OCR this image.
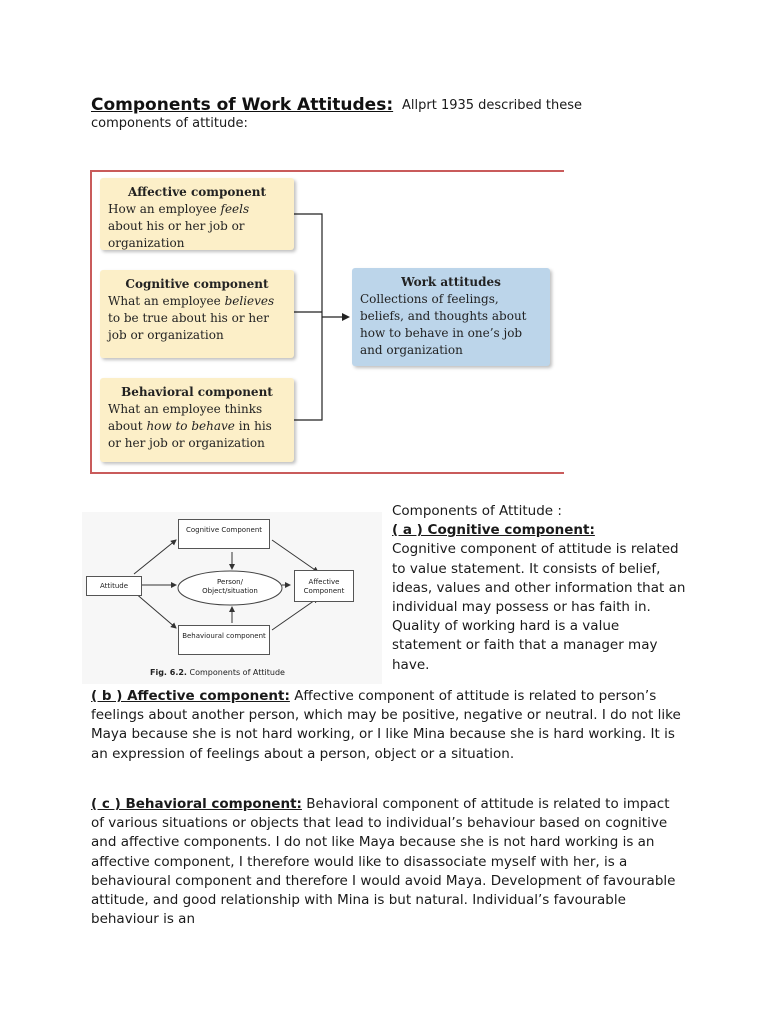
Components of Work Attitudes: Allprt 1935 described these
components of attitude:
Affective component
How an employee feels about his or her job or organization
Cognitive component
What an employee believes to be true about his or her job or organization
Behavioral component
What an employee thinks about how to behave in his or her job or organization
Work attitudes
Collections of feelings, beliefs, and thoughts about how to behave in one’s job and organization
Attitude
Cognitive Component
Person/ Object/situation
Affective Component
Behavioural component
Fig. 6.2. Components of Attitude

Components of Attitude :

( a ) Cognitive component:

Cognitive component of attitude is related to value statement. It consists of belief, ideas, values and other information that an individual may possess or has faith in. Quality of working hard is a value statement or faith that a manager may have.

( b ) Affective component: Affective component of attitude is related to person’s feelings about another person, which may be positive, negative or neutral. I do not like Maya because she is not hard working, or I like Mina because she is hard working. It is an expression of feelings about a person, object or a situation.

( c ) Behavioral component: Behavioral component of attitude is related to impact of various situations or objects that lead to individual’s behaviour based on cognitive and affective components. I do not like Maya because she is not hard working is an affective component, I therefore would like to disassociate myself with her, is a behavioural component and therefore I would avoid Maya. Development of favourable attitude, and good relationship with Mina is but natural. Individual’s favourable behaviour is an
